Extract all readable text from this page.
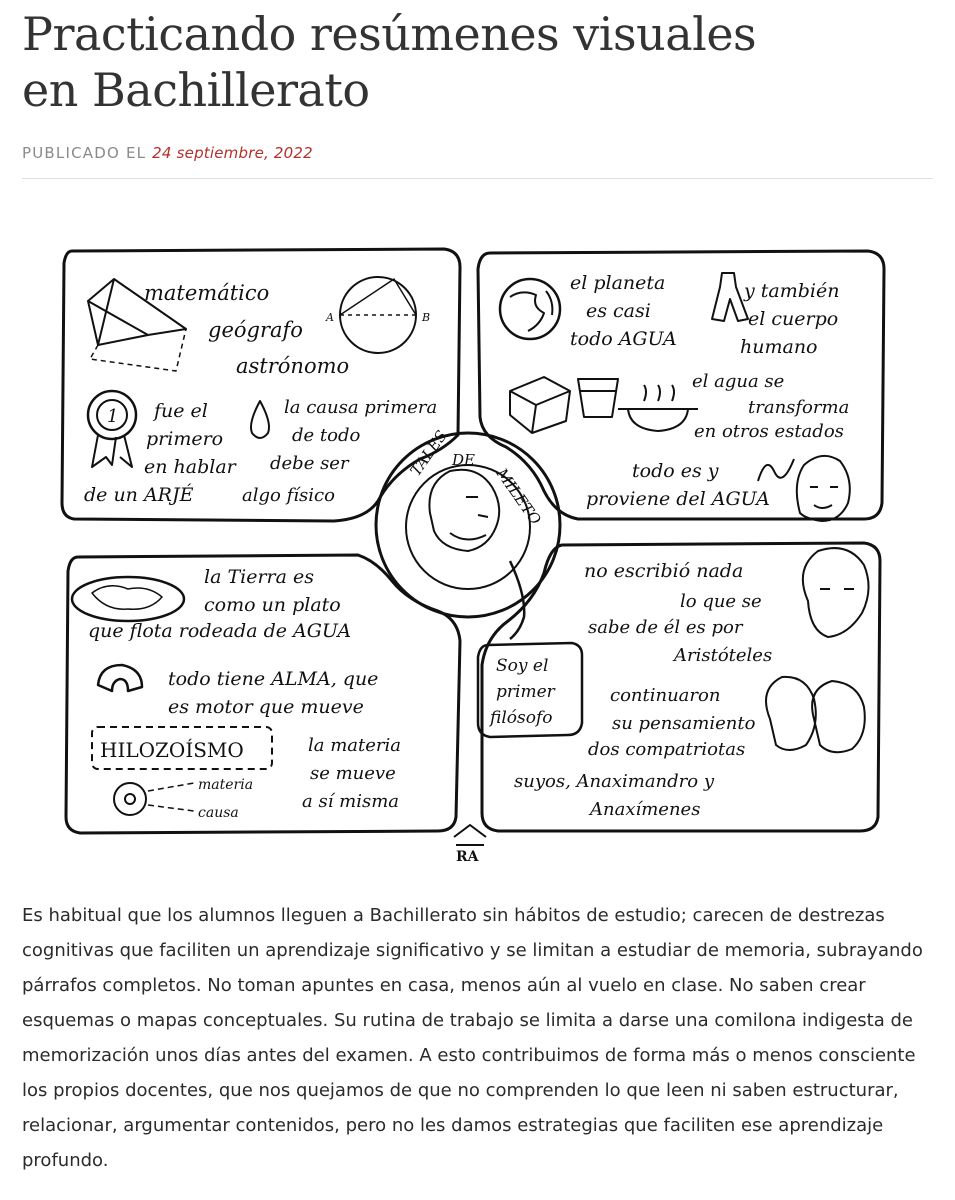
Practicando resúmenes visuales
en Bachillerato
PUBLICADO EL 24 septiembre, 2022
TALES DE
MILETO
matemático
geógrafo
astrónomo
A	B
1 fue el
primero
en hablar
de un ARJÉ
la causa primera
de todo
debe ser
algo físico
el planeta
es casi
todo AGUA
y también
el cuerpo
humano
el agua se
transforma
en otros estados
todo es y
proviene del AGUA
la Tierra es
como un plato
que flota rodeada de AGUA
todo tiene ALMA, que
es motor que mueve
HILOZOÍSMO
materia
causa
la materia
se mueve
a sí misma
no escribió nada
lo que se
sabe de él es por
Aristóteles
continuaron
su pensamiento
dos compatriotas
suyos, Anaximandro y
Anaxímenes
Soy el
primer
filósofo
RA

Es habitual que los alumnos lleguen a Bachillerato sin hábitos de estudio; carecen de destrezas cognitivas que faciliten un aprendizaje significativo y se limitan a estudiar de memoria, subrayando párrafos completos. No toman apuntes en casa, menos aún al vuelo en clase. No saben crear esquemas o mapas conceptuales. Su rutina de trabajo se limita a darse una comilona indigesta de memorización unos días antes del examen. A esto contribuimos de forma más o menos consciente los propios docentes, que nos quejamos de que no comprenden lo que leen ni saben estructurar, relacionar, argumentar contenidos, pero no les damos estrategias que faciliten ese aprendizaje profundo.
